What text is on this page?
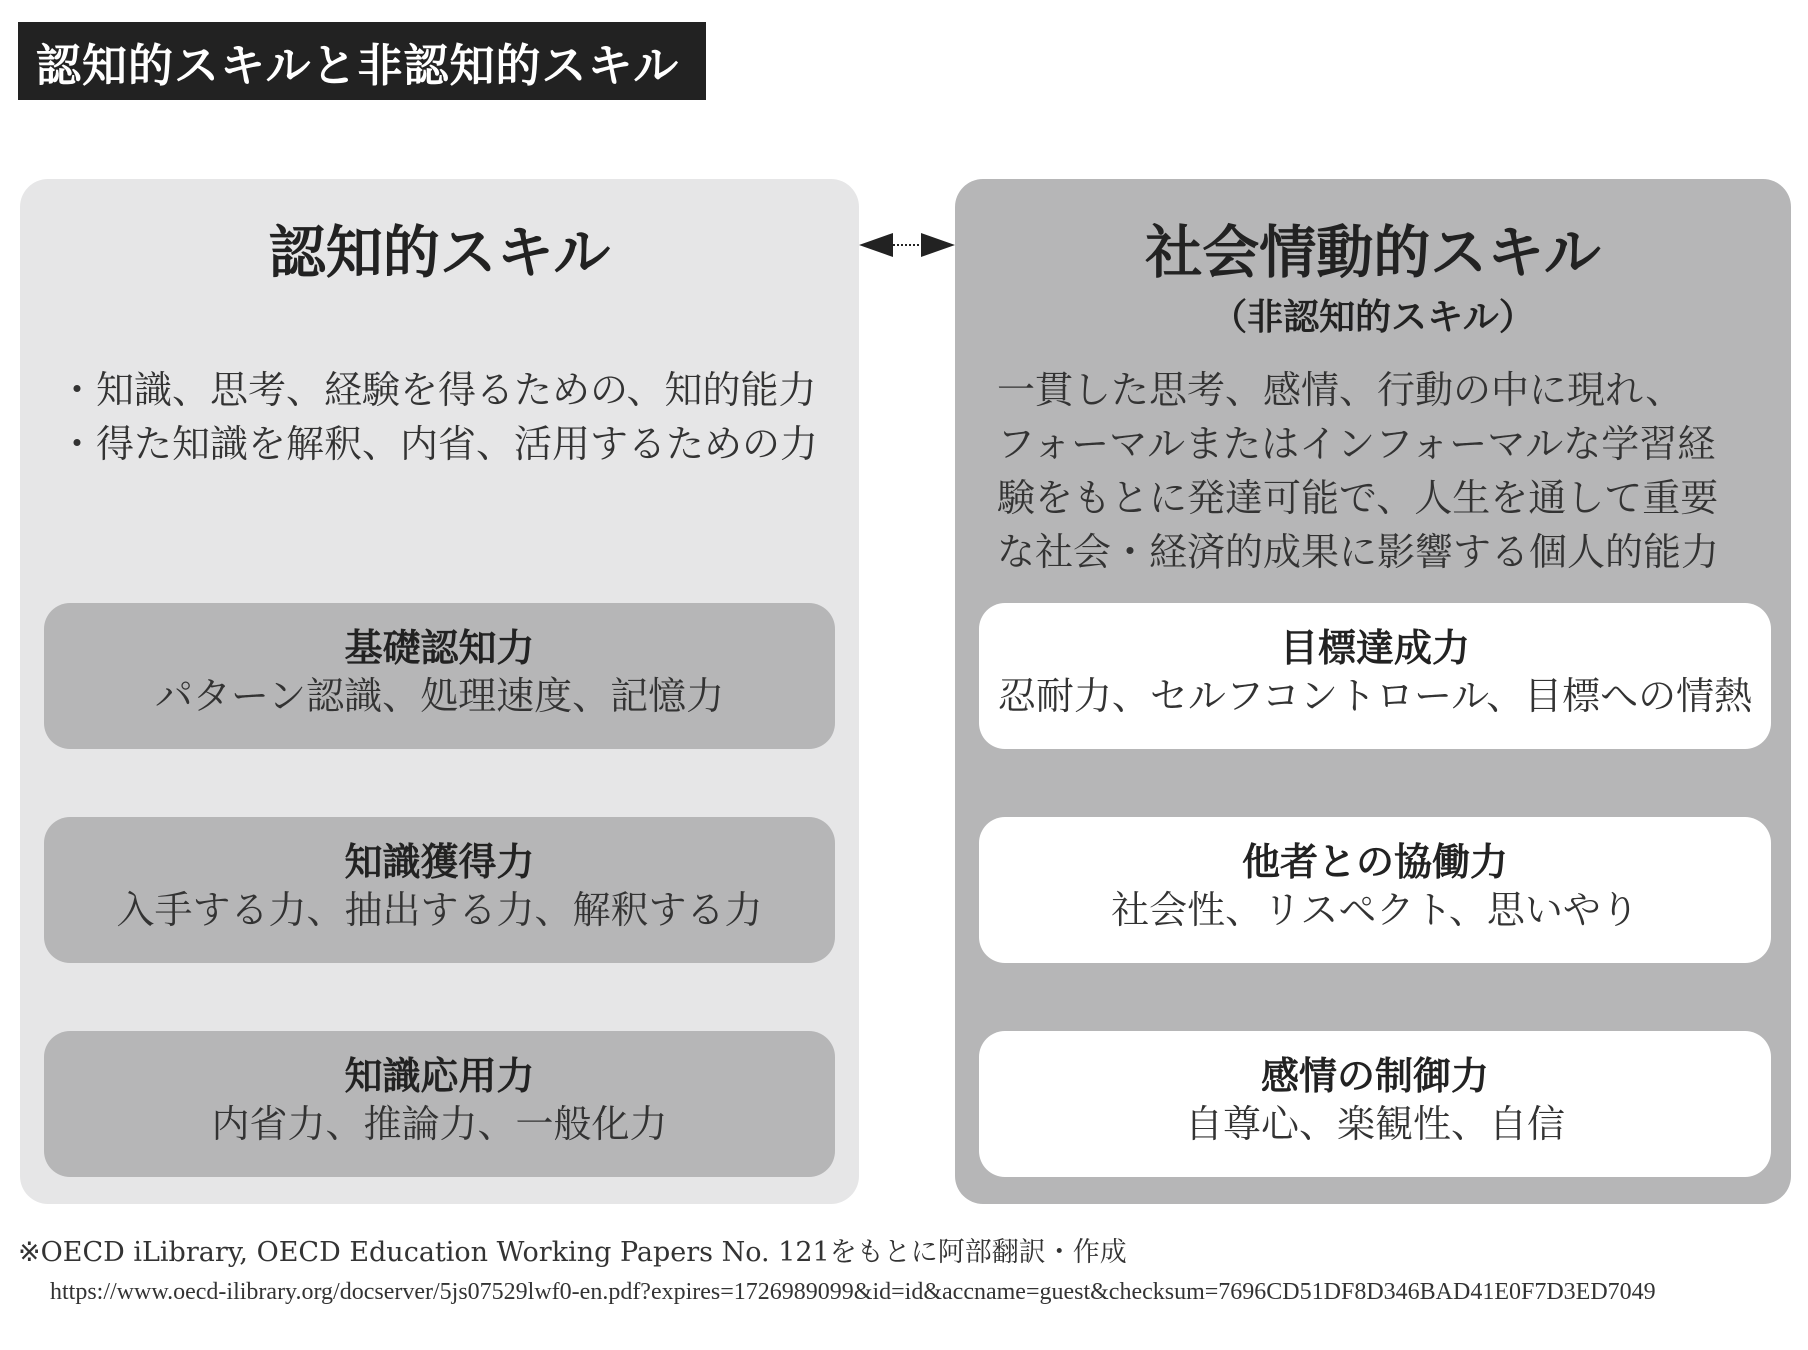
認知的スキルと非認知的スキル
認知的スキル
・知識、思考、経験を得るための、知的能力
・得た知識を解釈、内省、活用するための力
基礎認知力
パターン認識、処理速度、記憶力
知識獲得力
入手する力、抽出する力、解釈する力
知識応用力
内省力、推論力、一般化力
社会情動的スキル
（非認知的スキル）
一貫した思考、感情、行動の中に現れ、
フォーマルまたはインフォーマルな学習経
験をもとに発達可能で、人生を通して重要
な社会・経済的成果に影響する個人的能力
目標達成力
忍耐力、セルフコントロール、目標への情熱
他者との協働力
社会性、リスペクト、思いやり
感情の制御力
自尊心、楽観性、自信
※OECD iLibrary, OECD Education Working Papers No. 121をもとに阿部翻訳・作成
https://www.oecd-ilibrary.org/docserver/5js07529lwf0-en.pdf?expires=1726989099&id=id&accname=guest&checksum=7696CD51DF8D346BAD41E0F7D3ED7049
